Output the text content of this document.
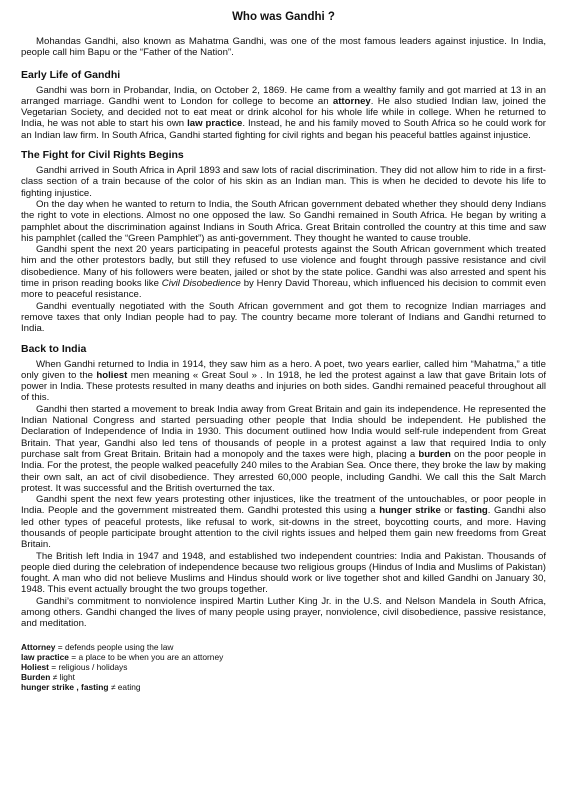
Who was Gandhi ?

Mohandas Gandhi, also known as Mahatma Gandhi, was one of the most famous leaders against injustice. In India, people call him Bapu or the “Father of the Nation”.

Early Life of Gandhi

Gandhi was born in Probandar, India, on October 2, 1869. He came from a wealthy family and got married at 13 in an arranged marriage. Gandhi went to London for college to become an attorney. He also studied Indian law, joined the Vegetarian Society, and decided not to eat meat or drink alcohol for his whole life while in college. When he returned to India, he was not able to start his own law practice. Instead, he and his family moved to South Africa so he could work for an Indian law firm. In South Africa, Gandhi started fighting for civil rights and began his peaceful battles against injustice.

The Fight for Civil Rights Begins

Gandhi arrived in South Africa in April 1893 and saw lots of racial discrimination. They did not allow him to ride in a first-class section of a train because of the color of his skin as an Indian man. This is when he decided to devote his life to fighting injustice.

On the day when he wanted to return to India, the South African government debated whether they should deny Indians the right to vote in elections. Almost no one opposed the law. So Gandhi remained in South Africa. He began by writing a pamphlet about the discrimination against Indians in South Africa. Great Britain controlled the country at this time and saw his pamphlet (called the “Green Pamphlet”) as anti-government. They thought he wanted to cause trouble.

Gandhi spent the next 20 years participating in peaceful protests against the South African government which treated him and the other protestors badly, but still they refused to use violence and fought through passive resistance and civil disobedience. Many of his followers were beaten, jailed or shot by the state police. Gandhi was also arrested and spent his time in prison reading books like Civil Disobedience by Henry David Thoreau, which influenced his decision to commit even more to peaceful resistance.

Gandhi eventually negotiated with the South African government and got them to recognize Indian marriages and remove taxes that only Indian people had to pay. The country became more tolerant of Indians and Gandhi returned to India.

Back to India

When Gandhi returned to India in 1914, they saw him as a hero. A poet, two years earlier, called him “Mahatma,” a title only given to the holiest men meaning « Great Soul » . In 1918, he led the protest against a law that gave Britain lots of power in India. These protests resulted in many deaths and injuries on both sides. Gandhi remained peaceful throughout all of this.

Gandhi then started a movement to break India away from Great Britain and gain its independence. He represented the Indian National Congress and started persuading other people that India should be independent. He published the Declaration of Independence of India in 1930. This document outlined how India would self-rule independent from Great Britain. That year, Gandhi also led tens of thousands of people in a protest against a law that required India to only purchase salt from Great Britain. Britain had a monopoly and the taxes were high, placing a burden on the poor people in India. For the protest, the people walked peacefully 240 miles to the Arabian Sea. Once there, they broke the law by making their own salt, an act of civil disobedience. They arrested 60,000 people, including Gandhi. We call this the Salt March protest. It was successful and the British overturned the tax.

Gandhi spent the next few years protesting other injustices, like the treatment of the untouchables, or poor people in India. People and the government mistreated them. Gandhi protested this using a hunger strike or fasting. Gandhi also led other types of peaceful protests, like refusal to work, sit-downs in the street, boycotting courts, and more. Having thousands of people participate brought attention to the civil rights issues and helped them gain new freedoms from Great Britain.

The British left India in 1947 and 1948, and established two independent countries: India and Pakistan. Thousands of people died during the celebration of independence because two religious groups (Hindus of India and Muslims of Pakistan) fought. A man who did not believe Muslims and Hindus should work or live together shot and killed Gandhi on January 30, 1948. This event actually brought the two groups together.

Gandhi’s commitment to nonviolence inspired Martin Luther King Jr. in the U.S. and Nelson Mandela in South Africa, among others. Gandhi changed the lives of many people using prayer, nonviolence, civil disobedience, passive resistance, and meditation.

Attorney = defends people using the law
law practice = a place to be when you are an attorney
Holiest = religious / holidays
Burden ≠ light
hunger strike , fasting ≠ eating
